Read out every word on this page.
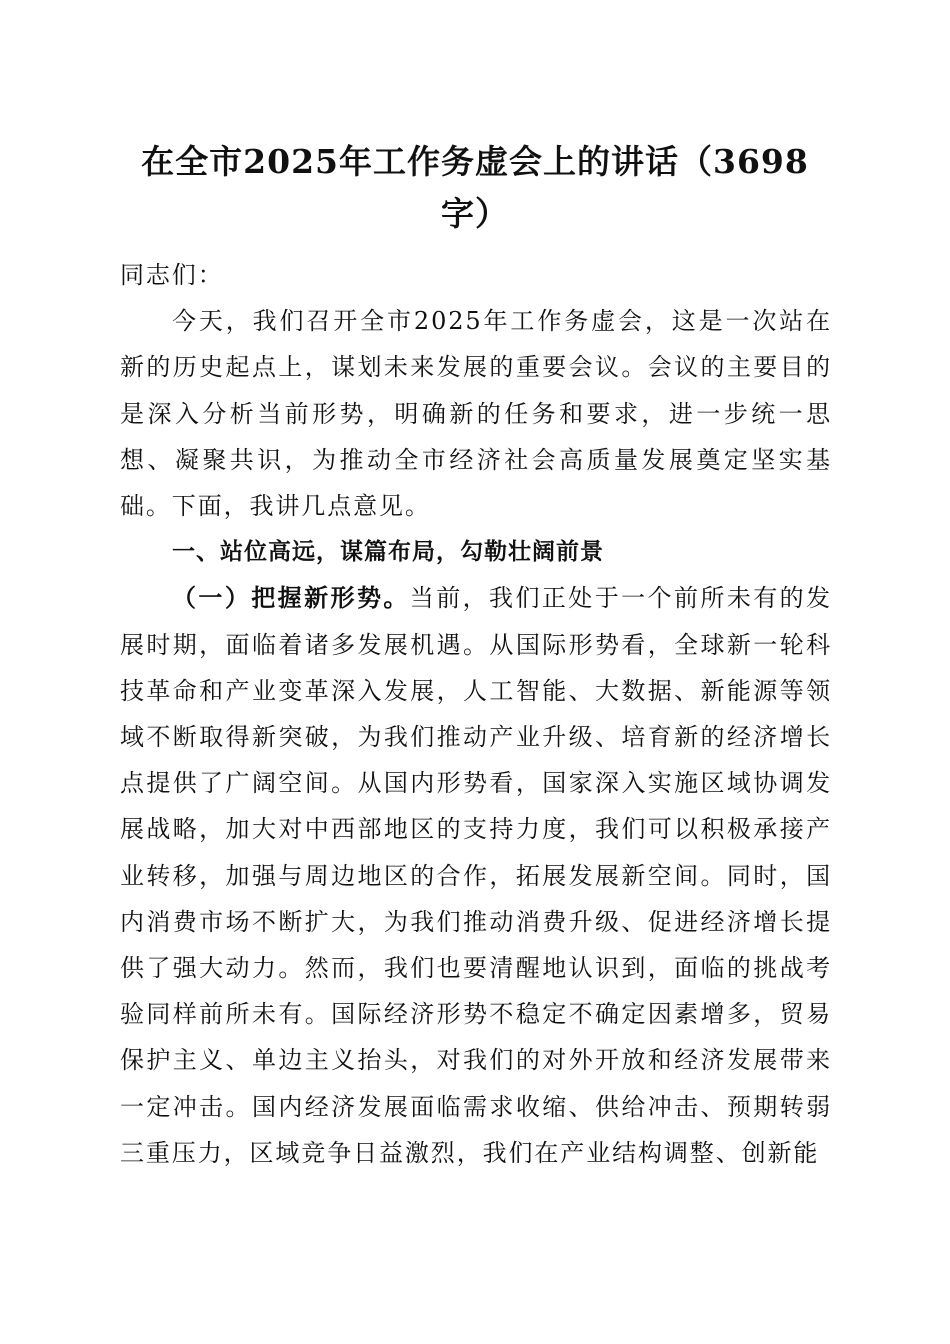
在全市2025年工作务虚会上的讲话（3698字）

同志们：

今天，我们召开全市2025年工作务虚会，这是一次站在新的历史起点上，谋划未来发展的重要会议。会议的主要目的是深入分析当前形势，明确新的任务和要求，进一步统一思想、凝聚共识，为推动全市经济社会高质量发展奠定坚实基础。下面，我讲几点意见。

一、站位高远，谋篇布局，勾勒壮阔前景

（一）把握新形势。当前，我们正处于一个前所未有的发展时期，面临着诸多发展机遇。从国际形势看，全球新一轮科技革命和产业变革深入发展，人工智能、大数据、新能源等领域不断取得新突破，为我们推动产业升级、培育新的经济增长点提供了广阔空间。从国内形势看，国家深入实施区域协调发展战略，加大对中西部地区的支持力度，我们可以积极承接产业转移，加强与周边地区的合作，拓展发展新空间。同时，国内消费市场不断扩大，为我们推动消费升级、促进经济增长提供了强大动力。然而，我们也要清醒地认识到，面临的挑战考验同样前所未有。国际经济形势不稳定不确定因素增多，贸易保护主义、单边主义抬头，对我们的对外开放和经济发展带来一定冲击。国内经济发展面临需求收缩、供给冲击、预期转弱三重压力，区域竞争日益激烈，我们在产业结构调整、创新能
